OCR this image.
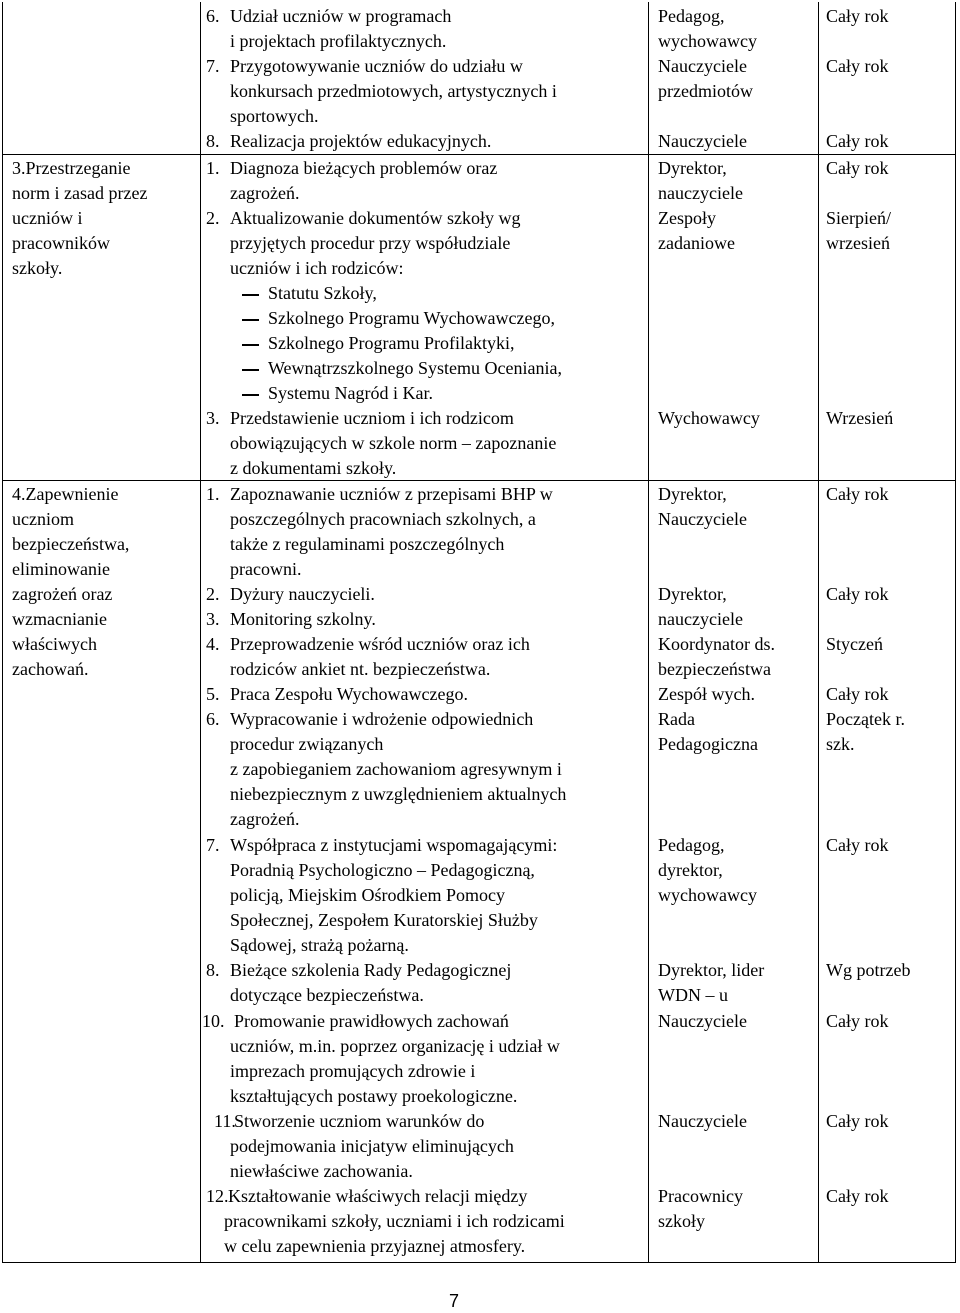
6. Udział uczniów w programach
i projektach profilaktycznych.
7. Przygotowywanie uczniów do udziału w
konkursach przedmiotowych, artystycznych i
sportowych.
8. Realizacja projektów edukacyjnych.
Pedagog,
wychowawcy
Nauczyciele
przedmiotów
Nauczyciele
Cały rok
Cały rok
Cały rok
3.Przestrzeganie
norm i zasad przez
uczniów i
pracowników
szkoły.
1. Diagnoza bieżących problemów oraz
zagrożeń.
2. Aktualizowanie dokumentów szkoły wg
przyjętych procedur przy współudziale
uczniów i ich rodziców:
Statutu Szkoły,
Szkolnego Programu Wychowawczego,
Szkolnego Programu Profilaktyki,
Wewnątrzszkolnego Systemu Oceniania,
Systemu Nagród i Kar.
3. Przedstawienie uczniom i ich rodzicom
obowiązujących w szkole norm – zapoznanie
z dokumentami szkoły.
Dyrektor,
nauczyciele
Zespoły
zadaniowe
Wychowawcy
Cały rok
Sierpień/
wrzesień
Wrzesień
4.Zapewnienie
uczniom
bezpieczeństwa,
eliminowanie
zagrożeń oraz
wzmacnianie
właściwych
zachowań.
1. Zapoznawanie uczniów z przepisami BHP w
poszczególnych pracowniach szkolnych, a
także z regulaminami poszczególnych
pracowni.
2. Dyżury nauczycieli.
3. Monitoring szkolny.
4. Przeprowadzenie wśród uczniów oraz ich
rodziców ankiet nt. bezpieczeństwa.
5. Praca Zespołu Wychowawczego.
6. Wypracowanie i wdrożenie odpowiednich
procedur związanych
z zapobieganiem zachowaniom agresywnym i
niebezpiecznym z uwzględnieniem aktualnych
zagrożeń.
7. Współpraca z instytucjami wspomagającymi:
Poradnią Psychologiczno – Pedagogiczną,
policją, Miejskim Ośrodkiem Pomocy
Społecznej, Zespołem Kuratorskiej Służby
Sądowej, strażą pożarną.
8. Bieżące szkolenia Rady Pedagogicznej
dotyczące bezpieczeństwa.
10. Promowanie prawidłowych zachowań
uczniów, m.in. poprzez organizację i udział w
imprezach promujących zdrowie i
kształtujących postawy proekologiczne.
11.
Stworzenie uczniom warunków do
podejmowania inicjatyw eliminujących
niewłaściwe zachowania.
12. Kształtowanie właściwych relacji między
pracownikami szkoły, uczniami i ich rodzicami
w celu zapewnienia przyjaznej atmosfery.
Dyrektor,
Nauczyciele
Dyrektor,
nauczyciele
Koordynator ds.
bezpieczeństwa
Zespół wych.
Rada
Pedagogiczna
Pedagog,
dyrektor,
wychowawcy
Dyrektor, lider
WDN – u
Nauczyciele
Nauczyciele
Pracownicy
szkoły
Cały rok
Cały rok
Styczeń
Cały rok
Początek r.
szk.
Cały rok
Wg potrzeb
Cały rok
Cały rok
Cały rok
7
